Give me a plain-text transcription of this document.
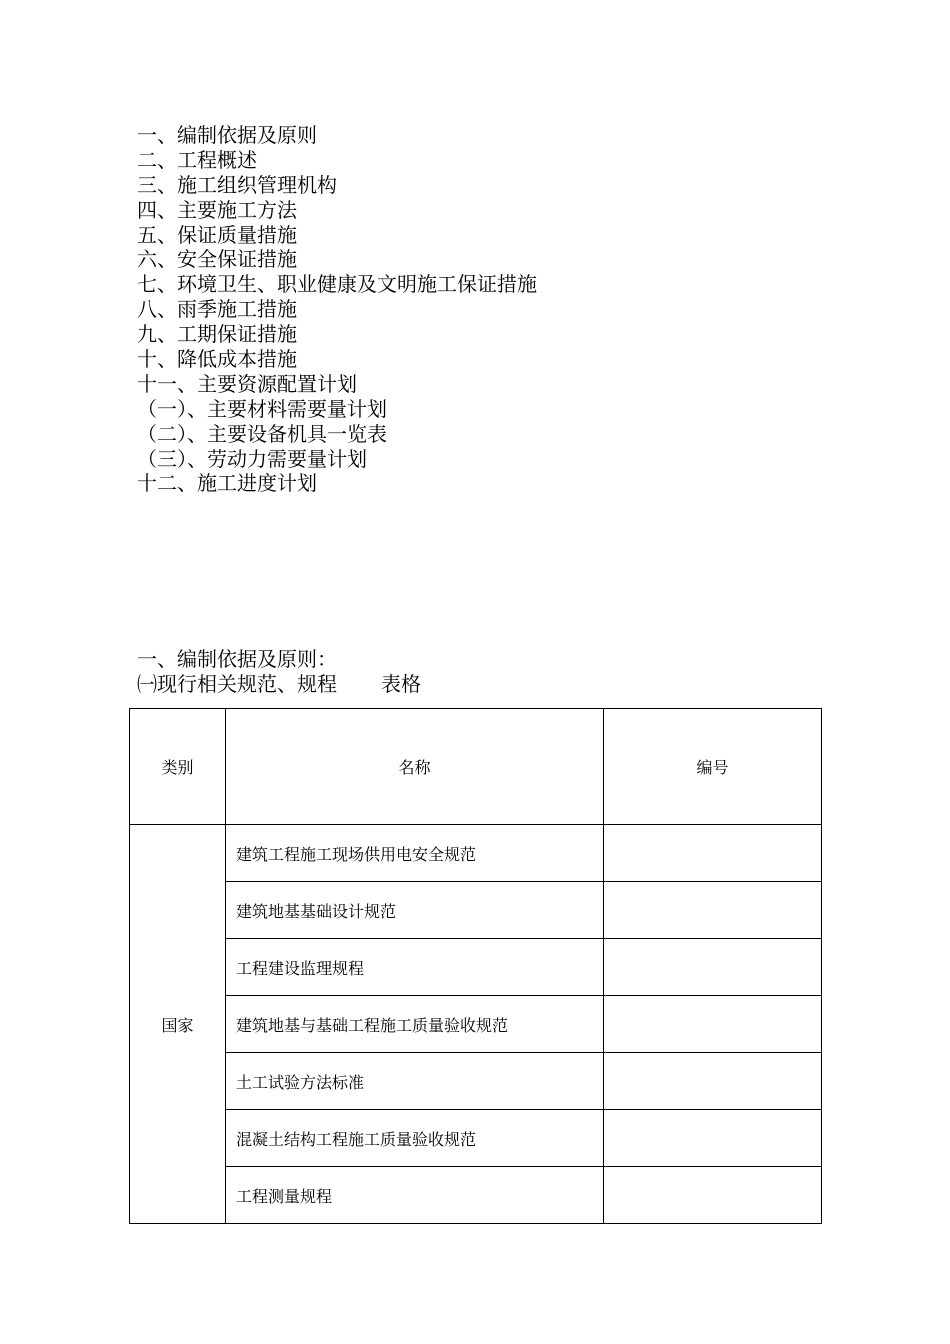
一、编制依据及原则
二、工程概述
三、施工组织管理机构
四、主要施工方法
五、保证质量措施
六、安全保证措施
七、环境卫生、职业健康及文明施工保证措施
八、雨季施工措施
九、工期保证措施
十、降低成本措施
十一、主要资源配置计划
（一）、主要材料需要量计划
（二）、主要设备机具一览表
（三）、劳动力需要量计划
十二、施工进度计划
一、编制依据及原则：
㈠现行相关规范、规程 表格
类别	名称	编号
国家	建筑工程施工现场供用电安全规范	
	建筑地基基础设计规范	
	工程建设监理规程	
	建筑地基与基础工程施工质量验收规范	
	土工试验方法标准	
	混凝土结构工程施工质量验收规范	
	工程测量规程	
